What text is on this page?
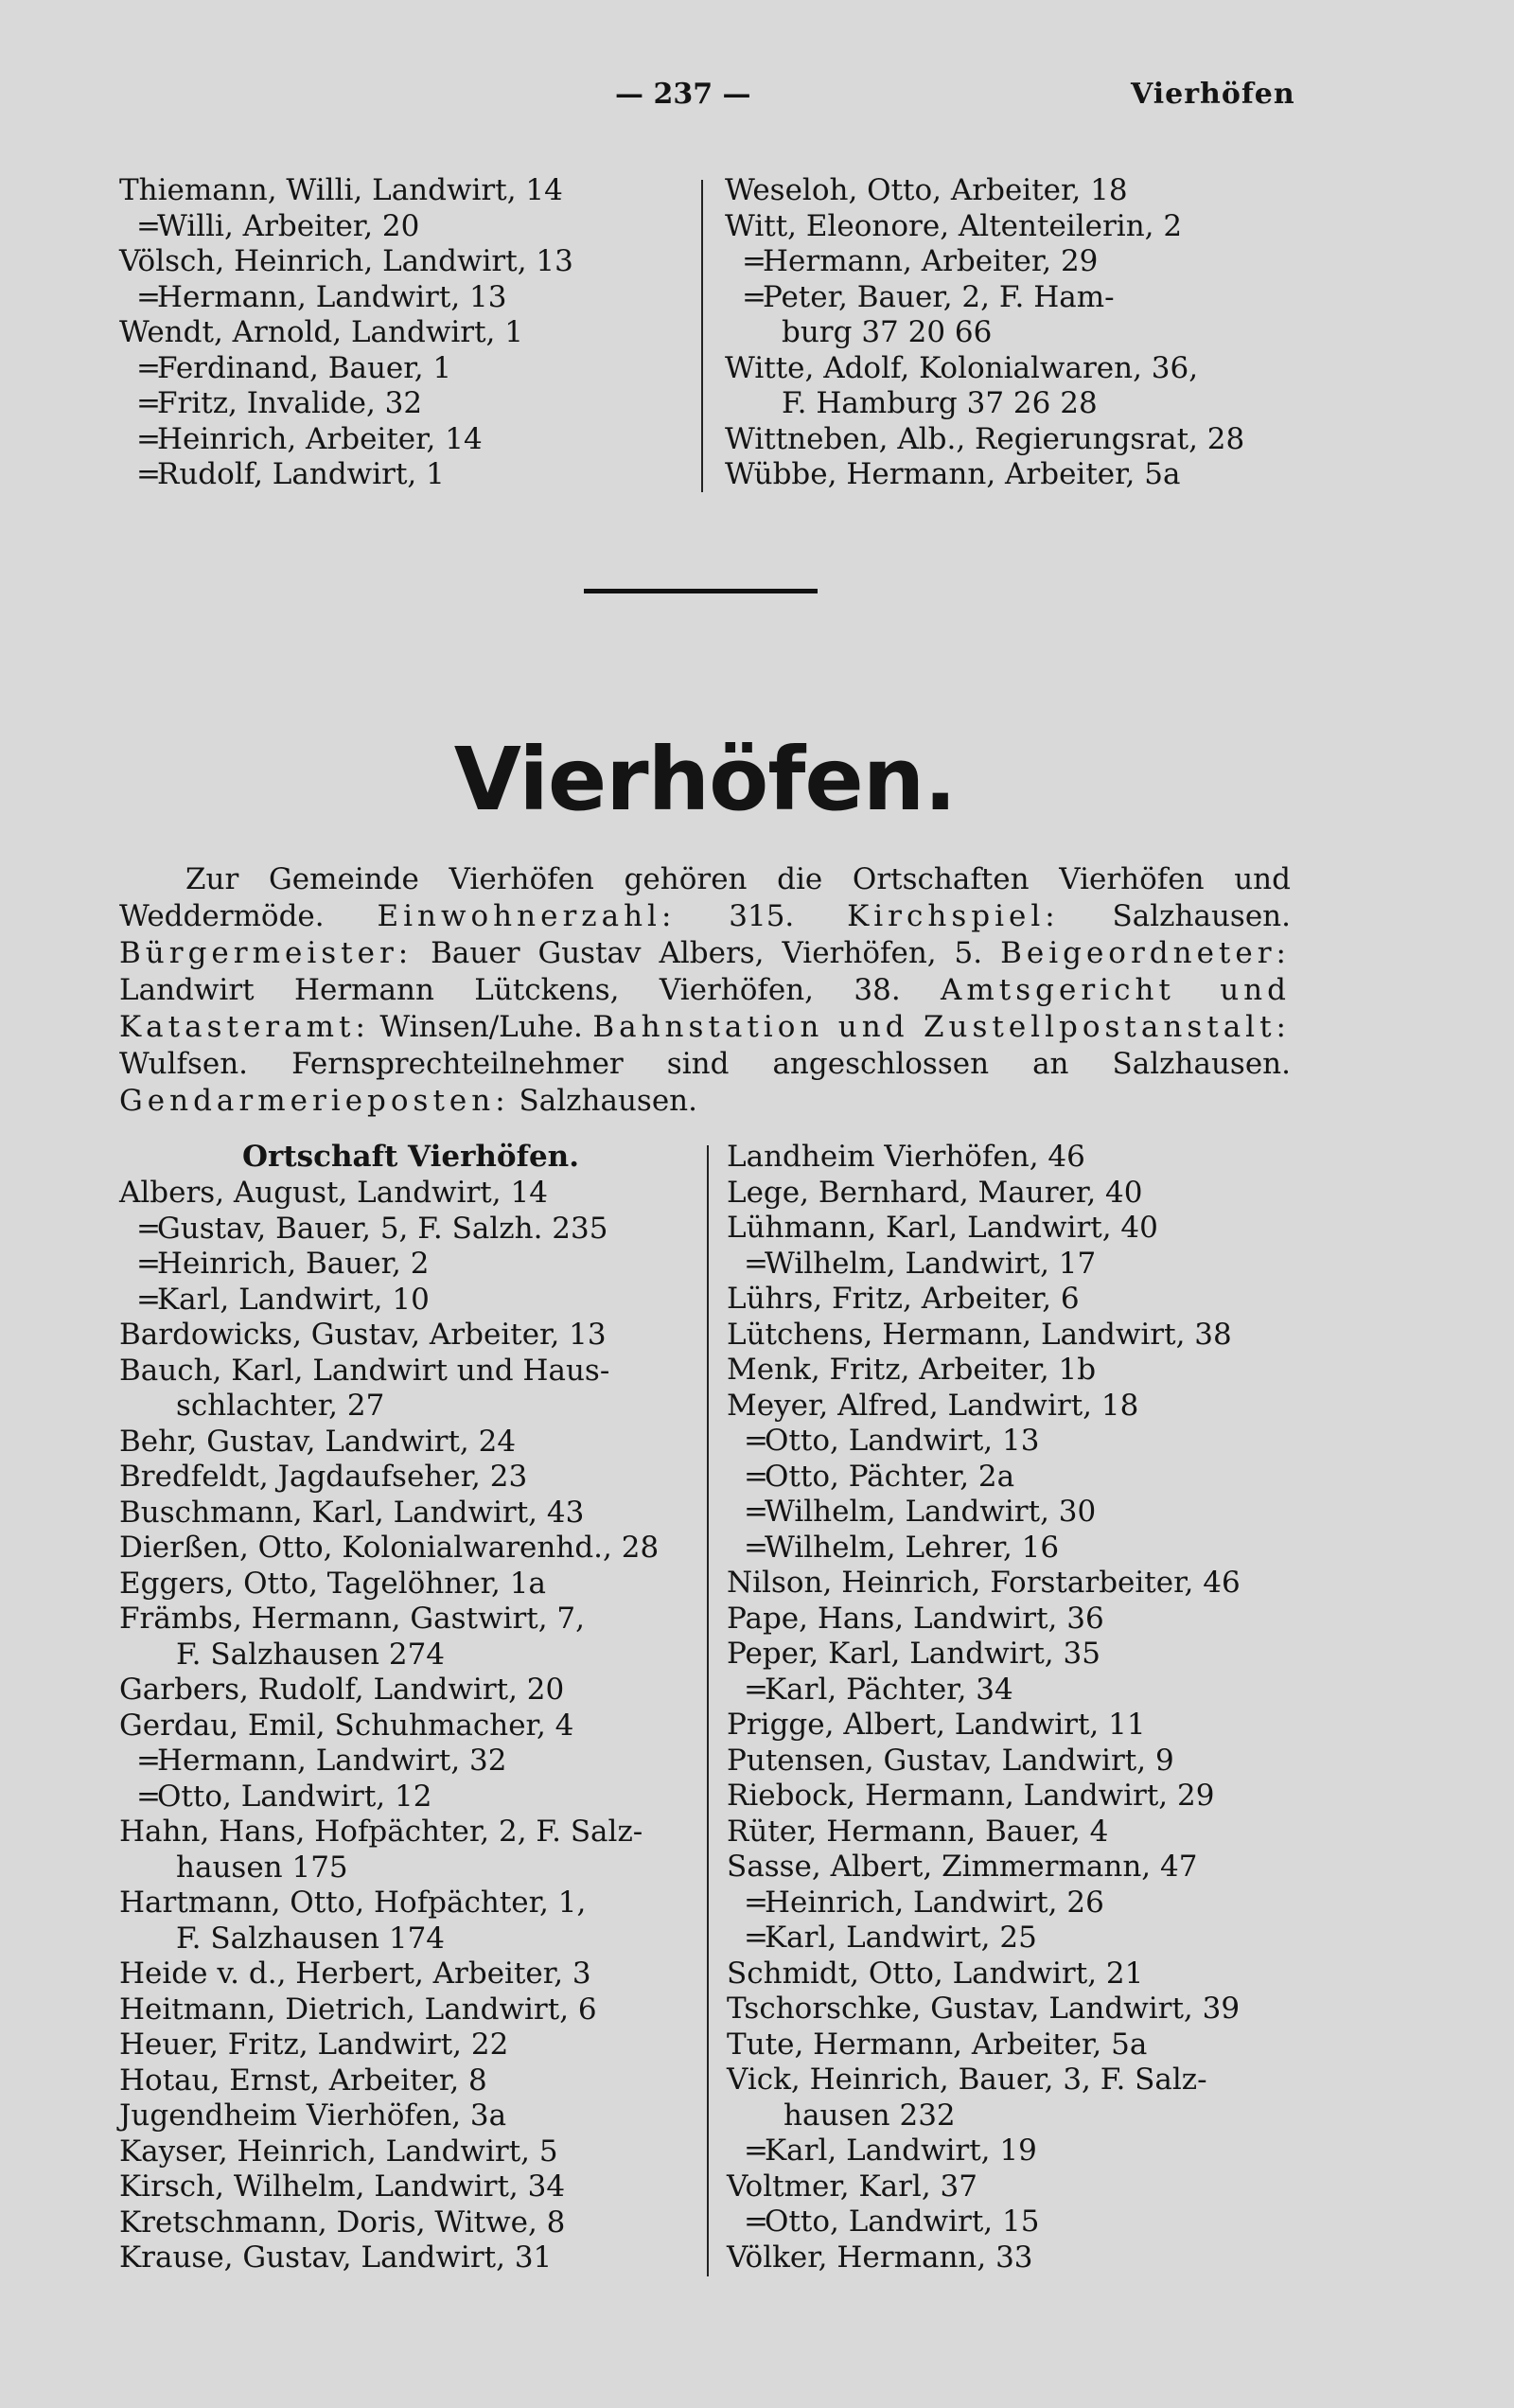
— 237 —	Vierhöfen
Thiemann, Willi, Landwirt, 14
=Willi, Arbeiter, 20
Völsch, Heinrich, Landwirt, 13
=Hermann, Landwirt, 13
Wendt, Arnold, Landwirt, 1
=Ferdinand, Bauer, 1
=Fritz, Invalide, 32
=Heinrich, Arbeiter, 14
=Rudolf, Landwirt, 1
Weseloh, Otto, Arbeiter, 18
Witt, Eleonore, Altenteilerin, 2
=Hermann, Arbeiter, 29
=Peter, Bauer, 2, F. Ham-
burg 37 20 66
Witte, Adolf, Kolonialwaren, 36,
F. Hamburg 37 26 28
Wittneben, Alb., Regierungsrat, 28
Wübbe, Hermann, Arbeiter, 5a
Vierhöfen.

Zur Gemeinde Vierhöfen gehören die Ortschaften Vierhöfen und Weddermöde. Einwohnerzahl: 315. Kirchspiel: Salzhausen. Bürgermeister: Bauer Gustav Albers, Vierhöfen, 5. Beigeordneter: Landwirt Hermann Lütckens, Vierhöfen, 38. Amtsgericht und Katasteramt: Winsen/Luhe. Bahnstation und Zustellpostanstalt: Wulfsen. Fernsprechteilnehmer sind angeschlossen an Salzhausen. Gendarmerieposten: Salzhausen.

Ortschaft Vierhöfen.
Albers, August, Landwirt, 14
=Gustav, Bauer, 5, F. Salzh. 235
=Heinrich, Bauer, 2
=Karl, Landwirt, 10
Bardowicks, Gustav, Arbeiter, 13
Bauch, Karl, Landwirt und Haus-
schlachter, 27
Behr, Gustav, Landwirt, 24
Bredfeldt, Jagdaufseher, 23
Buschmann, Karl, Landwirt, 43
Dierßen, Otto, Kolonialwarenhd., 28
Eggers, Otto, Tagelöhner, 1a
Främbs, Hermann, Gastwirt, 7,
F. Salzhausen 274
Garbers, Rudolf, Landwirt, 20
Gerdau, Emil, Schuhmacher, 4
=Hermann, Landwirt, 32
=Otto, Landwirt, 12
Hahn, Hans, Hofpächter, 2, F. Salz-
hausen 175
Hartmann, Otto, Hofpächter, 1,
F. Salzhausen 174
Heide v. d., Herbert, Arbeiter, 3
Heitmann, Dietrich, Landwirt, 6
Heuer, Fritz, Landwirt, 22
Hotau, Ernst, Arbeiter, 8
Jugendheim Vierhöfen, 3a
Kayser, Heinrich, Landwirt, 5
Kirsch, Wilhelm, Landwirt, 34
Kretschmann, Doris, Witwe, 8
Krause, Gustav, Landwirt, 31
Landheim Vierhöfen, 46
Lege, Bernhard, Maurer, 40
Lühmann, Karl, Landwirt, 40
=Wilhelm, Landwirt, 17
Lührs, Fritz, Arbeiter, 6
Lütchens, Hermann, Landwirt, 38
Menk, Fritz, Arbeiter, 1b
Meyer, Alfred, Landwirt, 18
=Otto, Landwirt, 13
=Otto, Pächter, 2a
=Wilhelm, Landwirt, 30
=Wilhelm, Lehrer, 16
Nilson, Heinrich, Forstarbeiter, 46
Pape, Hans, Landwirt, 36
Peper, Karl, Landwirt, 35
=Karl, Pächter, 34
Prigge, Albert, Landwirt, 11
Putensen, Gustav, Landwirt, 9
Riebock, Hermann, Landwirt, 29
Rüter, Hermann, Bauer, 4
Sasse, Albert, Zimmermann, 47
=Heinrich, Landwirt, 26
=Karl, Landwirt, 25
Schmidt, Otto, Landwirt, 21
Tschorschke, Gustav, Landwirt, 39
Tute, Hermann, Arbeiter, 5a
Vick, Heinrich, Bauer, 3, F. Salz-
hausen 232
=Karl, Landwirt, 19
Voltmer, Karl, 37
=Otto, Landwirt, 15
Völker, Hermann, 33
